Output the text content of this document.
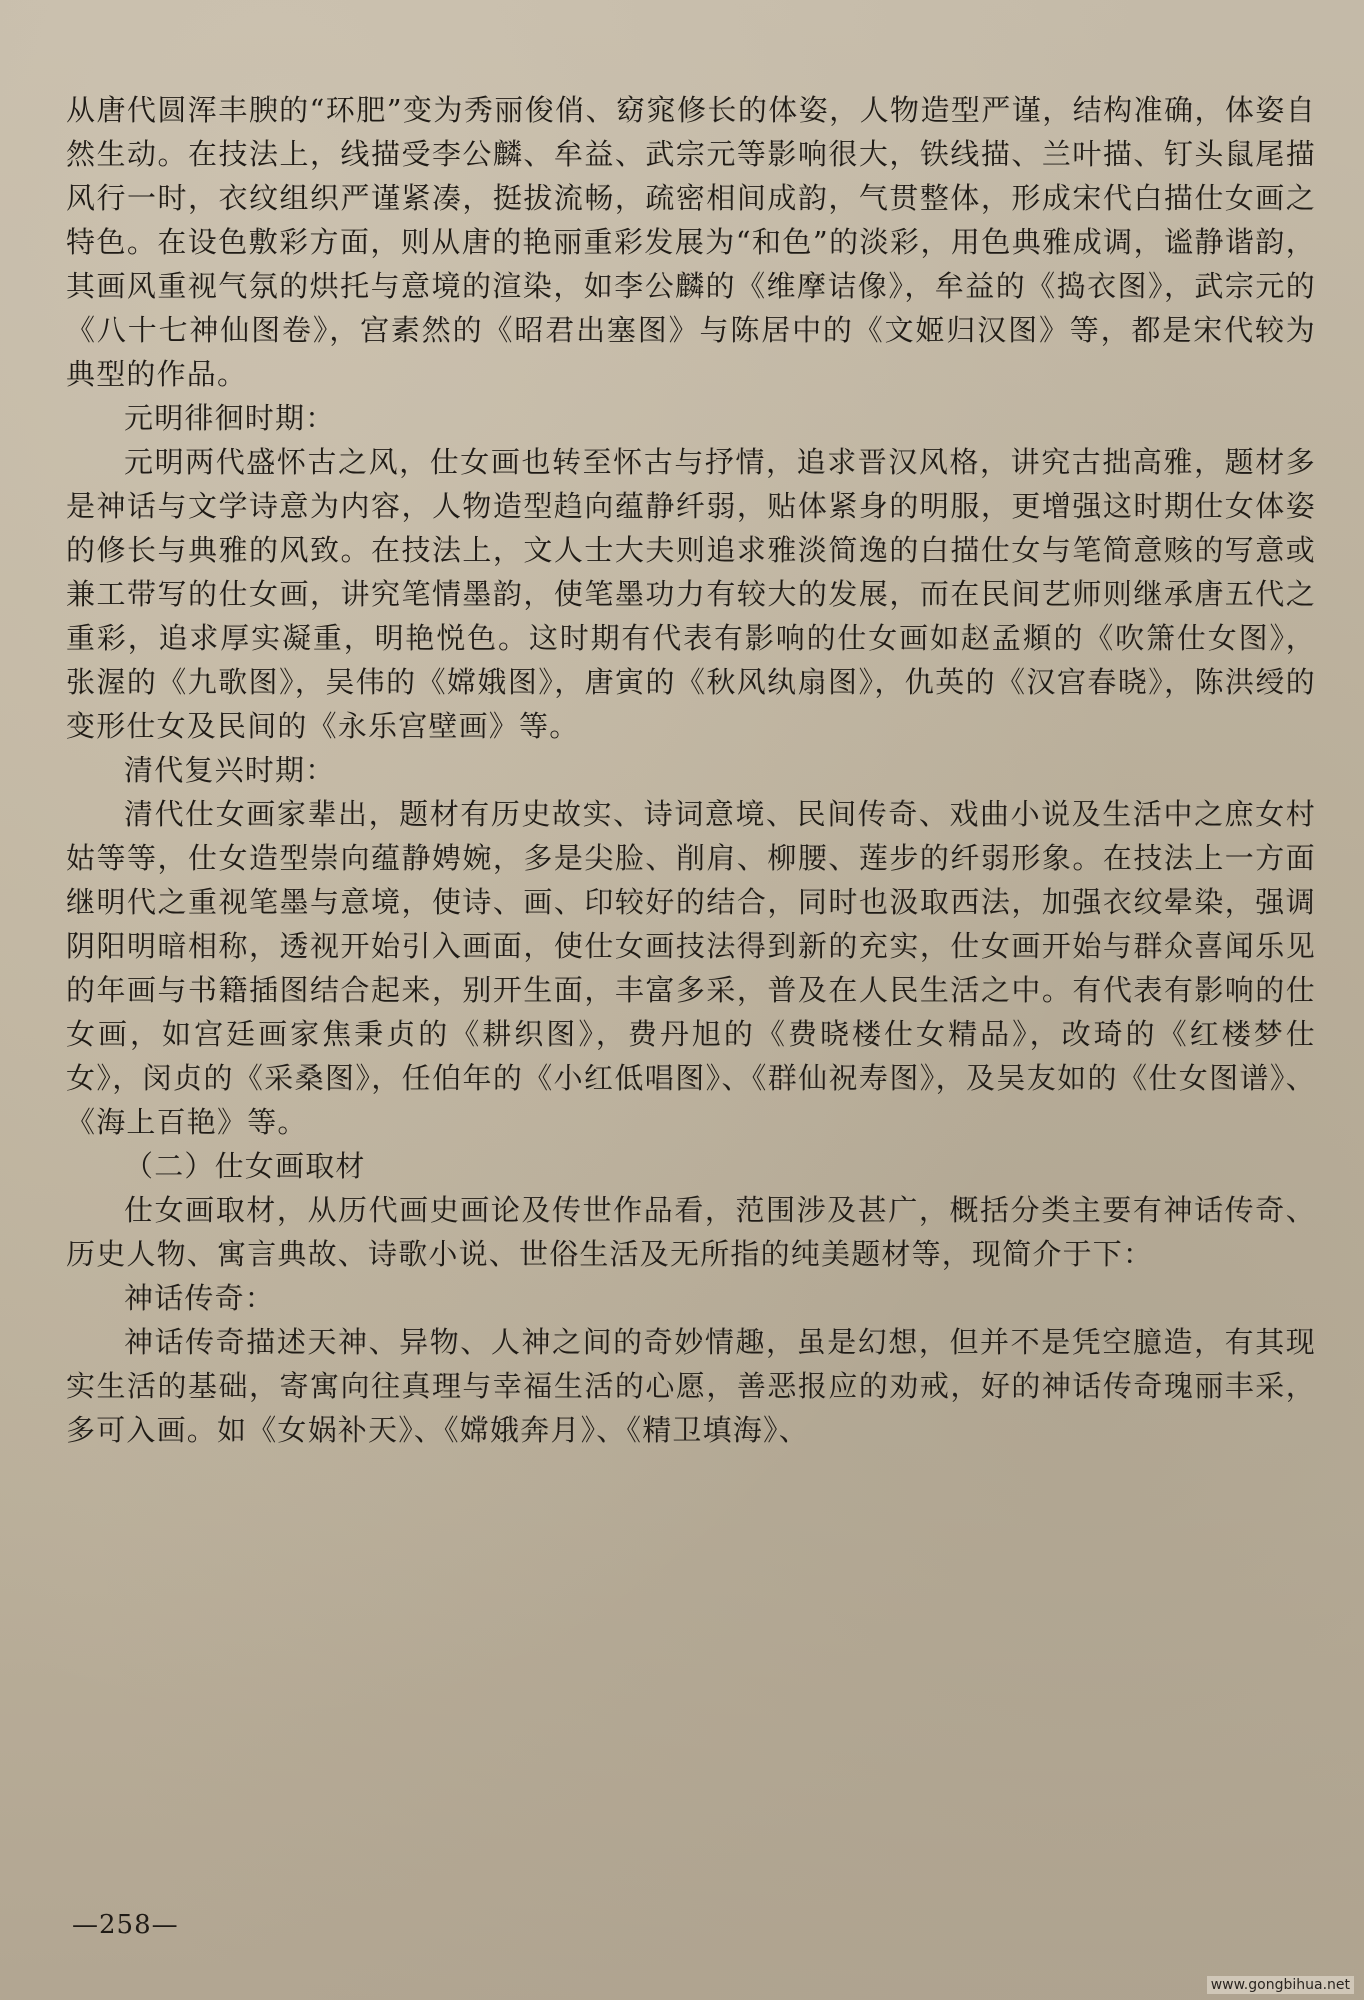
从唐代圆浑丰腴的“环肥”变为秀丽俊俏、窈窕修长的体姿，人物造型严谨，结构准确，体姿自然生动。在技法上，线描受李公麟、牟益、武宗元等影响很大，铁线描、兰叶描、钉头鼠尾描风行一时，衣纹组织严谨紧凑，挺拔流畅，疏密相间成韵，气贯整体，形成宋代白描仕女画之特色。在设色敷彩方面，则从唐的艳丽重彩发展为“和色”的淡彩，用色典雅成调，谧静谐韵，其画风重视气氛的烘托与意境的渲染，如李公麟的《维摩诘像》，牟益的《捣衣图》，武宗元的《八十七神仙图卷》，宫素然的《昭君出塞图》与陈居中的《文姬归汉图》等，都是宋代较为典型的作品。

元明徘徊时期：

元明两代盛怀古之风，仕女画也转至怀古与抒情，追求晋汉风格，讲究古拙高雅，题材多是神话与文学诗意为内容，人物造型趋向蕴静纤弱，贴体紧身的明服，更增强这时期仕女体姿的修长与典雅的风致。在技法上，文人士大夫则追求雅淡简逸的白描仕女与笔简意赅的写意或兼工带写的仕女画，讲究笔情墨韵，使笔墨功力有较大的发展，而在民间艺师则继承唐五代之重彩，追求厚实凝重，明艳悦色。这时期有代表有影响的仕女画如赵孟頫的《吹箫仕女图》，张渥的《九歌图》，吴伟的《嫦娥图》，唐寅的《秋风纨扇图》，仇英的《汉宫春晓》，陈洪绶的变形仕女及民间的《永乐宫壁画》等。

清代复兴时期：

清代仕女画家辈出，题材有历史故实、诗词意境、民间传奇、戏曲小说及生活中之庶女村姑等等，仕女造型崇向蕴静娉婉，多是尖脸、削肩、柳腰、莲步的纤弱形象。在技法上一方面继明代之重视笔墨与意境，使诗、画、印较好的结合，同时也汲取西法，加强衣纹晕染，强调阴阳明暗相称，透视开始引入画面，使仕女画技法得到新的充实，仕女画开始与群众喜闻乐见的年画与书籍插图结合起来，别开生面，丰富多采，普及在人民生活之中。有代表有影响的仕女画，如宫廷画家焦秉贞的《耕织图》，费丹旭的《费晓楼仕女精品》，改琦的《红楼梦仕女》，闵贞的《采桑图》，任伯年的《小红低唱图》、《群仙祝寿图》，及吴友如的《仕女图谱》、《海上百艳》等。

（二）仕女画取材

仕女画取材，从历代画史画论及传世作品看，范围涉及甚广，概括分类主要有神话传奇、历史人物、寓言典故、诗歌小说、世俗生活及无所指的纯美题材等，现简介于下：

神话传奇：

神话传奇描述天神、异物、人神之间的奇妙情趣，虽是幻想，但并不是凭空臆造，有其现实生活的基础，寄寓向往真理与幸福生活的心愿，善恶报应的劝戒，好的神话传奇瑰丽丰采，多可入画。如《女娲补天》、《嫦娥奔月》、《精卫填海》、

—258—
www.gongbihua.net
